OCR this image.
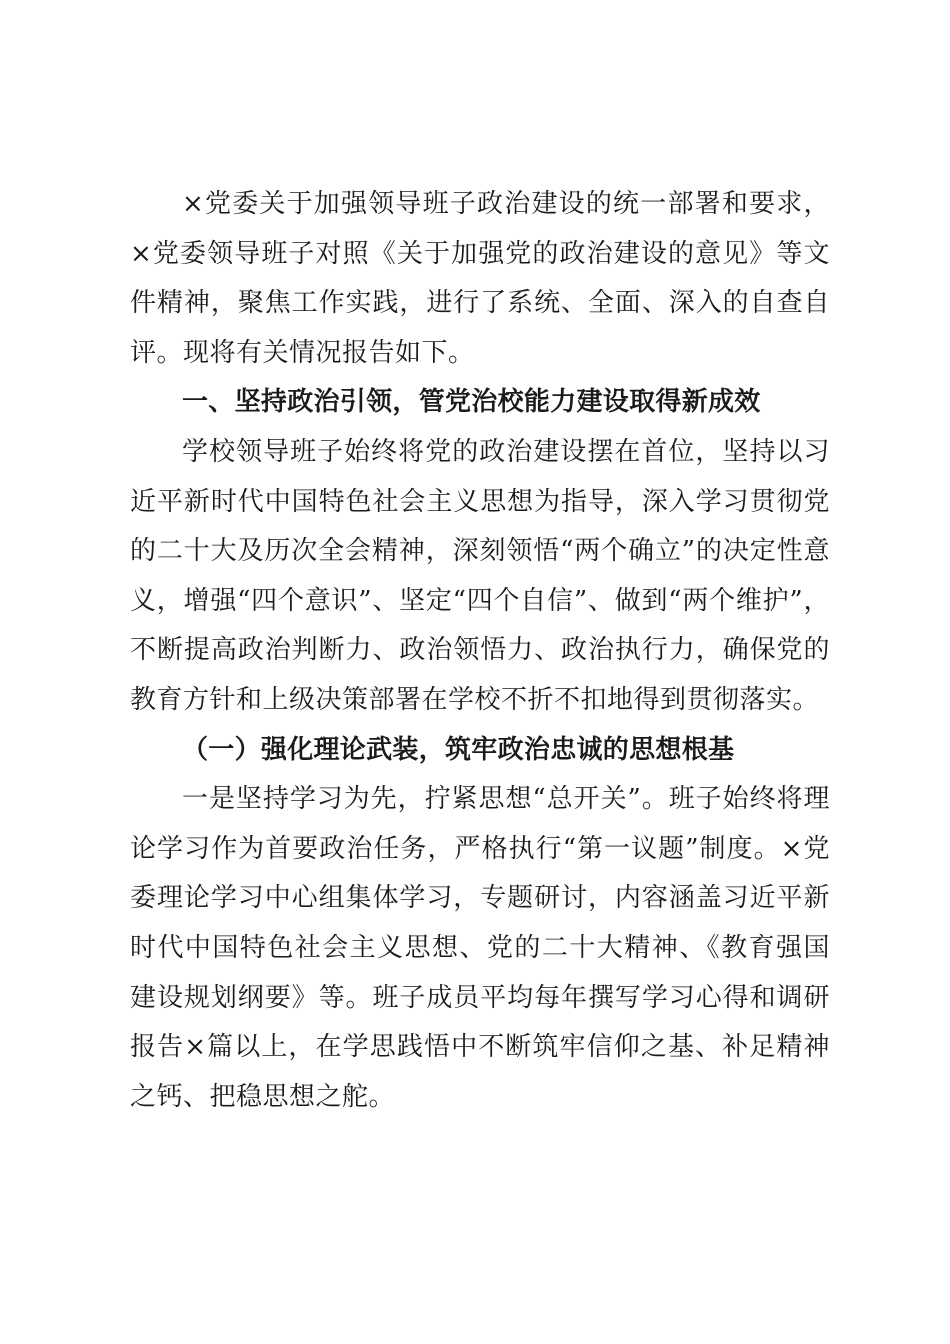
×党委关于加强领导班子政治建设的统一部署和要求，×党委领导班子对照《关于加强党的政治建设的意见》等文件精神，聚焦工作实践，进行了系统、全面、深入的自查自评。现将有关情况报告如下。

一、坚持政治引领，管党治校能力建设取得新成效

学校领导班子始终将党的政治建设摆在首位，坚持以习近平新时代中国特色社会主义思想为指导，深入学习贯彻党的二十大及历次全会精神，深刻领悟“两个确立”的决定性意义，增强“四个意识”、坚定“四个自信”、做到“两个维护”，不断提高政治判断力、政治领悟力、政治执行力，确保党的教育方针和上级决策部署在学校不折不扣地得到贯彻落实。

（一）强化理论武装，筑牢政治忠诚的思想根基

一是坚持学习为先，拧紧思想“总开关”。班子始终将理论学习作为首要政治任务，严格执行“第一议题”制度。×党委理论学习中心组集体学习，专题研讨，内容涵盖习近平新时代中国特色社会主义思想、党的二十大精神、《教育强国建设规划纲要》等。班子成员平均每年撰写学习心得和调研报告×篇以上，在学思践悟中不断筑牢信仰之基、补足精神之钙、把稳思想之舵。
